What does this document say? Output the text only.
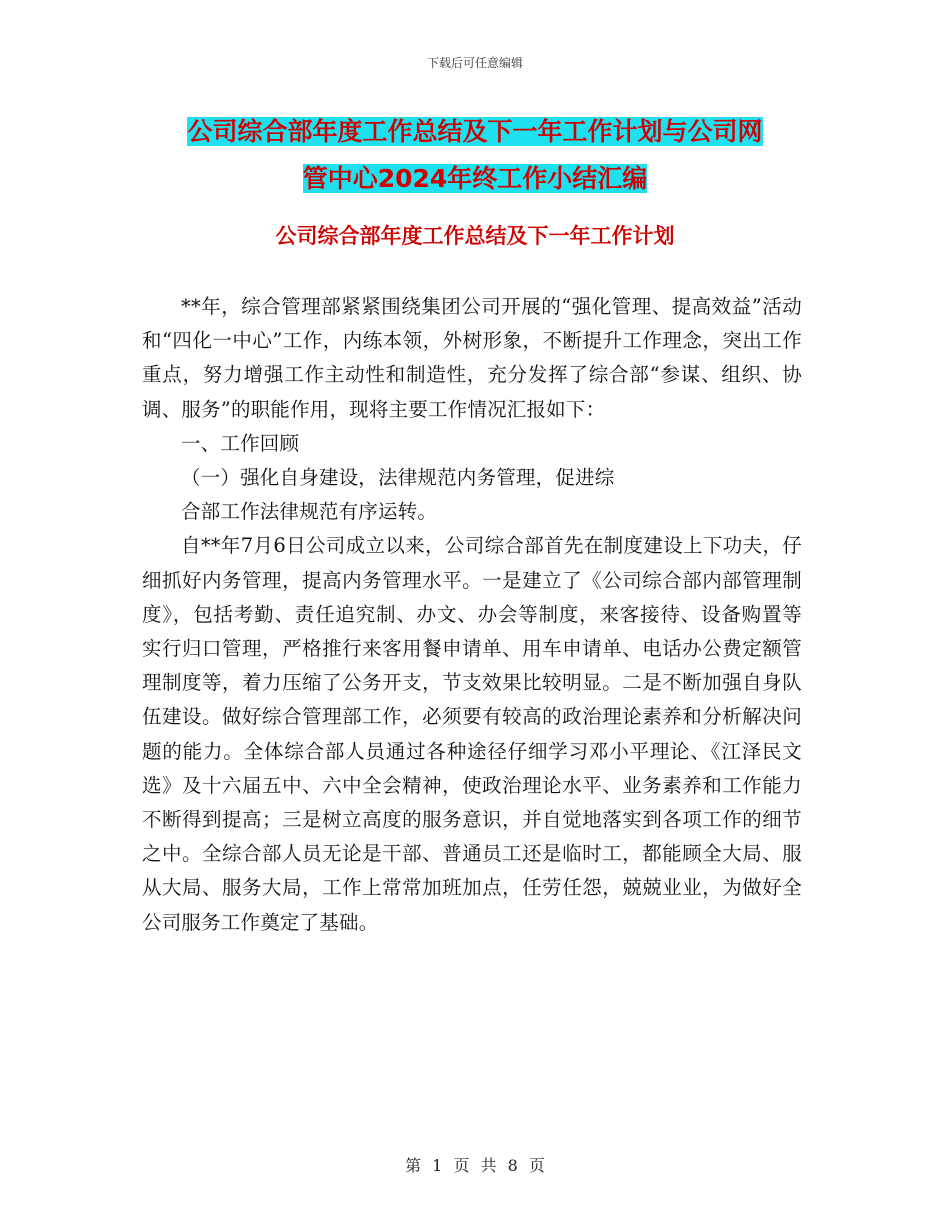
下载后可任意编辑
公司综合部年度工作总结及下一年工作计划与公司网
管中心2024年终工作小结汇编
公司综合部年度工作总结及下一年工作计划

**年，综合管理部紧紧围绕集团公司开展的“强化管理、提高效益”活动和“四化一中心”工作，内练本领，外树形象，不断提升工作理念，突出工作重点，努力增强工作主动性和制造性，充分发挥了综合部“参谋、组织、协调、服务”的职能作用，现将主要工作情况汇报如下：

一、工作回顾

（一）强化自身建设，法律规范内务管理，促进综

合部工作法律规范有序运转。

自**年7月6日公司成立以来，公司综合部首先在制度建设上下功夫，仔细抓好内务管理，提高内务管理水平。一是建立了《公司综合部内部管理制度》，包括考勤、责任追究制、办文、办会等制度，来客接待、设备购置等实行归口管理，严格推行来客用餐申请单、用车申请单、电话办公费定额管理制度等，着力压缩了公务开支，节支效果比较明显。二是不断加强自身队伍建设。做好综合管理部工作，必须要有较高的政治理论素养和分析解决问题的能力。全体综合部人员通过各种途径仔细学习邓小平理论、《江泽民文选》及十六届五中、六中全会精神，使政治理论水平、业务素养和工作能力不断得到提高；三是树立高度的服务意识，并自觉地落实到各项工作的细节之中。全综合部人员无论是干部、普通员工还是临时工，都能顾全大局、服从大局、服务大局，工作上常常加班加点，任劳任怨，兢兢业业，为做好全公司服务工作奠定了基础。

第 1 页 共 8 页
